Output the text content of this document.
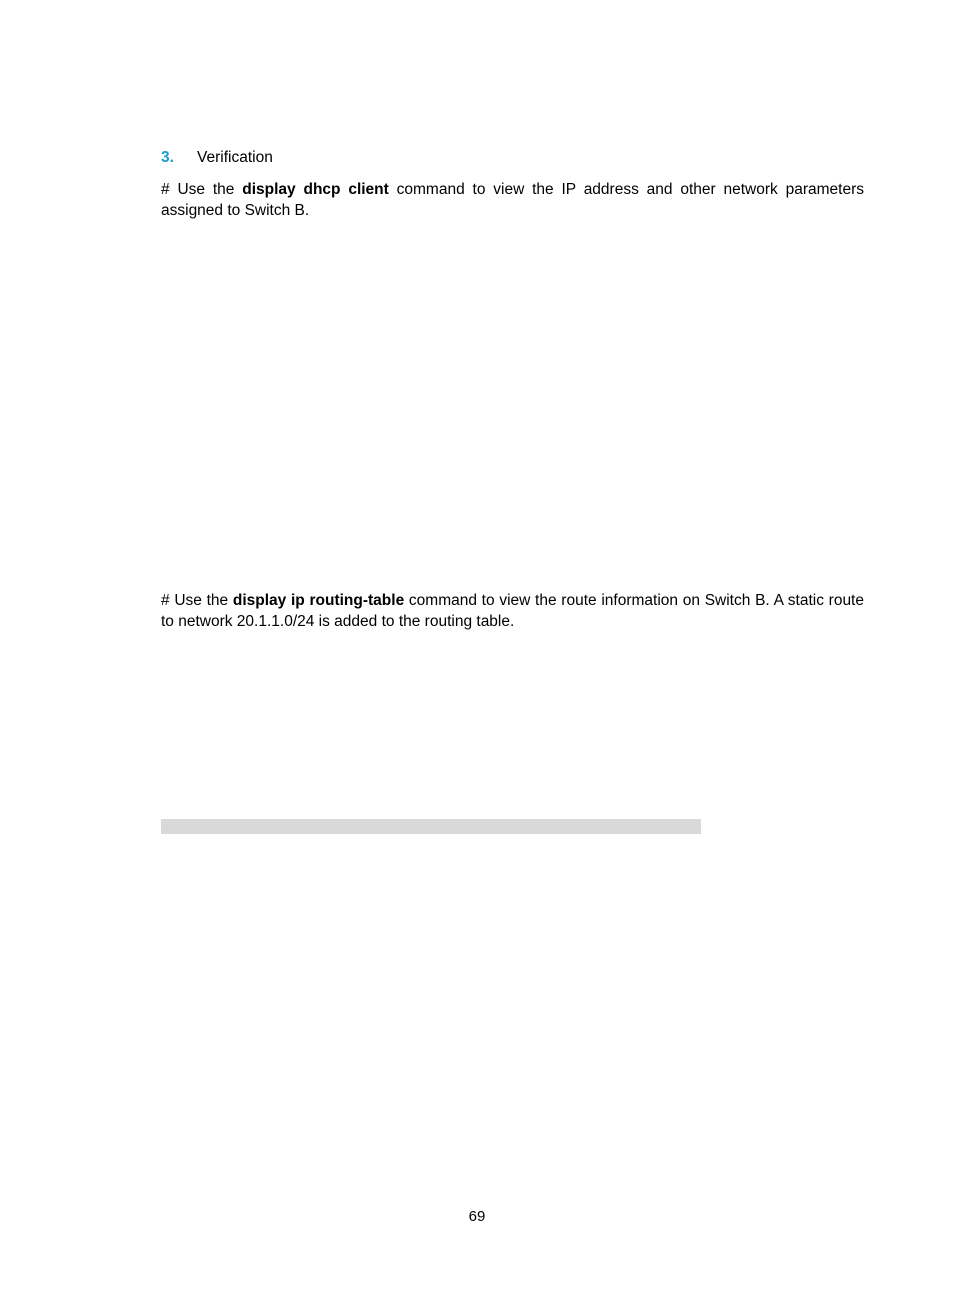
3. Verification

# Use the display dhcp client command to view the IP address and other network parameters assigned to Switch B.

# Use the display ip routing-table command to view the route information on Switch B. A static route to network 20.1.1.0/24 is added to the routing table.

69
